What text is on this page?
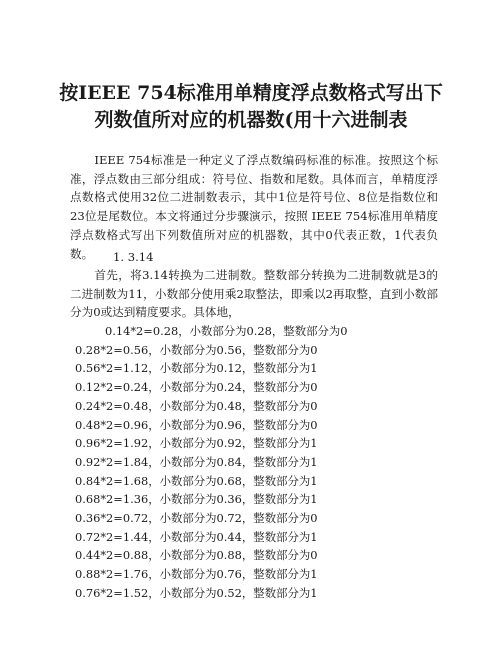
按IEEE 754标准用单精度浮点数格式写出下
列数值所对应的机器数(用十六进制表

IEEE 754标准是一种定义了浮点数编码标准的标准。按照这个标准，浮点数由三部分组成：符号位、指数和尾数。具体而言，单精度浮点数格式使用32位二进制数表示，其中1位是符号位、8位是指数位和23位是尾数位。本文将通过分步骤演示，按照 IEEE 754标准用单精度浮点数格式写出下列数值所对应的机器数，其中0代表正数，1代表负数。	1. 3.14

首先，将3.14转换为二进制数。整数部分转换为二进制数就是3的二进制数为11，小数部分使用乘2取整法，即乘以2再取整，直到小数部分为0或达到精度要求。具体地，

0.14*2=0.28，小数部分为0.28，整数部分为0
0.28*2=0.56，小数部分为0.56，整数部分为0
0.56*2=1.12，小数部分为0.12，整数部分为1
0.12*2=0.24，小数部分为0.24，整数部分为0
0.24*2=0.48，小数部分为0.48，整数部分为0
0.48*2=0.96，小数部分为0.96，整数部分为0
0.96*2=1.92，小数部分为0.92，整数部分为1
0.92*2=1.84，小数部分为0.84，整数部分为1
0.84*2=1.68，小数部分为0.68，整数部分为1
0.68*2=1.36，小数部分为0.36，整数部分为1
0.36*2=0.72，小数部分为0.72，整数部分为0
0.72*2=1.44，小数部分为0.44，整数部分为1
0.44*2=0.88，小数部分为0.88，整数部分为0
0.88*2=1.76，小数部分为0.76，整数部分为1
0.76*2=1.52，小数部分为0.52，整数部分为1
